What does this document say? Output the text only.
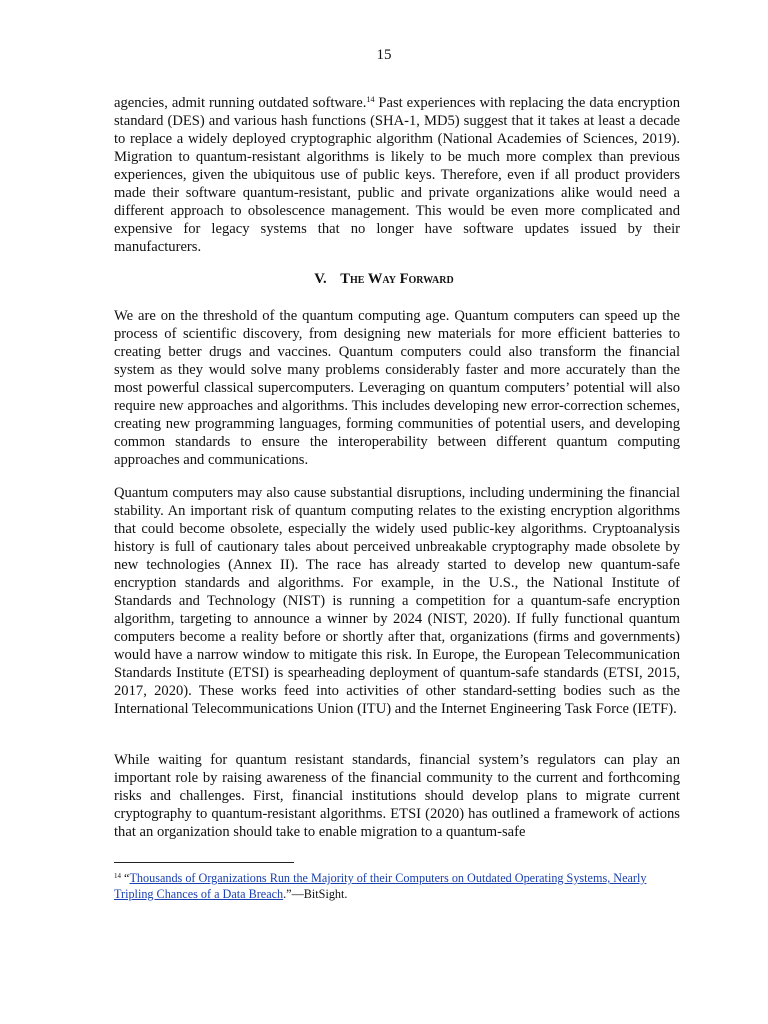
15

agencies, admit running outdated software.$^{14}$ Past experiences with replacing the data encryption standard (DES) and various hash functions (SHA-1, MD5) suggest that it takes at least a decade to replace a widely deployed cryptographic algorithm (National Academies of Sciences, 2019). Migration to quantum-resistant algorithms is likely to be much more complex than previous experiences, given the ubiquitous use of public keys. Therefore, even if all product providers made their software quantum-resistant, public and private organizations alike would need a different approach to obsolescence management. This would be even more complicated and expensive for legacy systems that no longer have software updates issued by their manufacturers.

V. The Way Forward

We are on the threshold of the quantum computing age. Quantum computers can speed up the process of scientific discovery, from designing new materials for more efficient batteries to creating better drugs and vaccines. Quantum computers could also transform the financial system as they would solve many problems considerably faster and more accurately than the most powerful classical supercomputers. Leveraging on quantum computers’ potential will also require new approaches and algorithms. This includes developing new error-correction schemes, creating new programming languages, forming communities of potential users, and developing common standards to ensure the interoperability between different quantum computing approaches and communications.

Quantum computers may also cause substantial disruptions, including undermining the financial stability. An important risk of quantum computing relates to the existing encryption algorithms that could become obsolete, especially the widely used public-key algorithms. Cryptoanalysis history is full of cautionary tales about perceived unbreakable cryptography made obsolete by new technologies (Annex II). The race has already started to develop new quantum-safe encryption standards and algorithms. For example, in the U.S., the National Institute of Standards and Technology (NIST) is running a competition for a quantum-safe encryption algorithm, targeting to announce a winner by 2024 (NIST, 2020). If fully functional quantum computers become a reality before or shortly after that, organizations (firms and governments) would have a narrow window to mitigate this risk. In Europe, the European Telecommunication Standards Institute (ETSI) is spearheading deployment of quantum-safe standards (ETSI, 2015, 2017, 2020). These works feed into activities of other standard-setting bodies such as the International Telecommunications Union (ITU) and the Internet Engineering Task Force (IETF).

While waiting for quantum resistant standards, financial system’s regulators can play an important role by raising awareness of the financial community to the current and forthcoming risks and challenges. First, financial institutions should develop plans to migrate current cryptography to quantum-resistant algorithms. ETSI (2020) has outlined a framework of actions that an organization should take to enable migration to a quantum-safe

$^{14}$ “Thousands of Organizations Run the Majority of their Computers on Outdated Operating Systems, Nearly Tripling Chances of a Data Breach.”—BitSight.
